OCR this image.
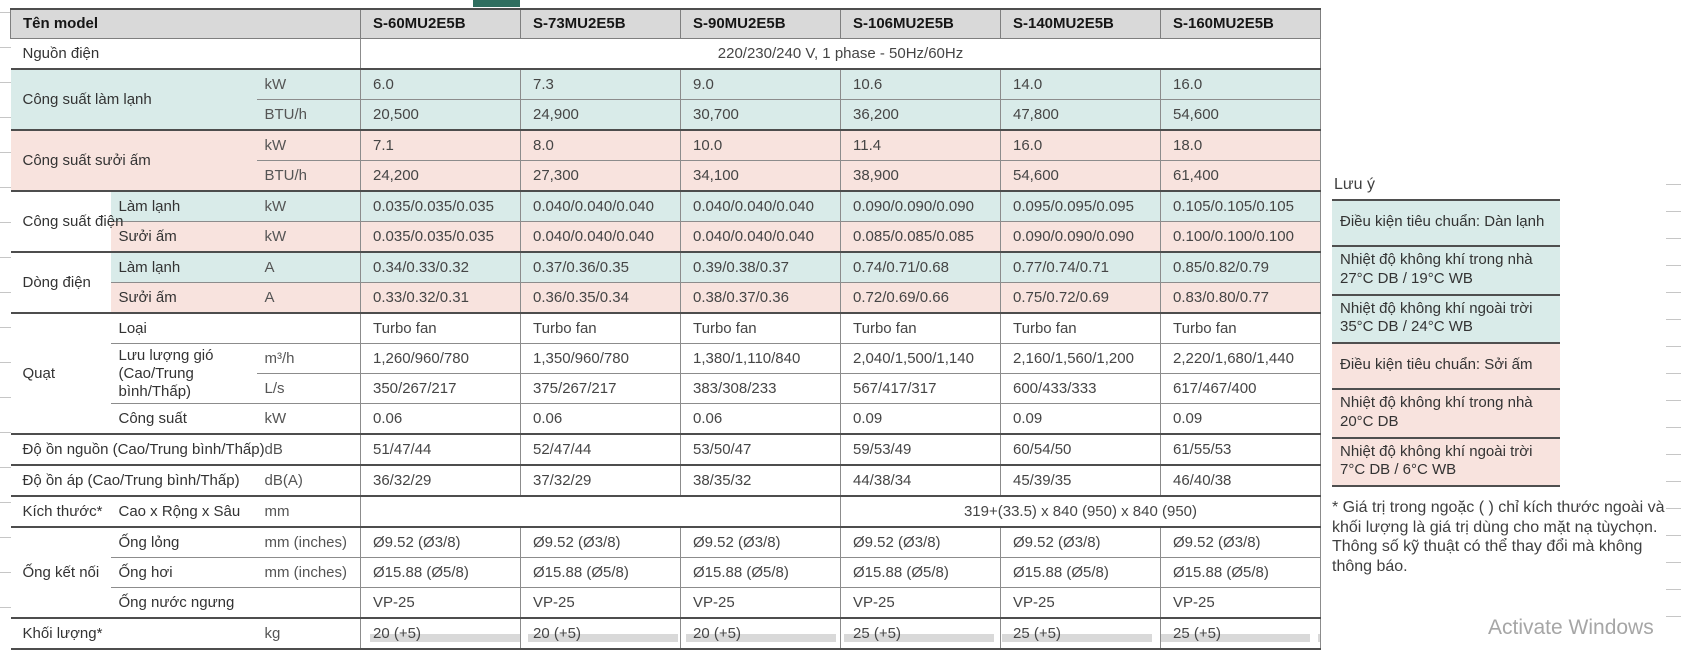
Tên model			S-60MU2E5B	S-73MU2E5B	S-90MU2E5B	S-106MU2E5B	S-140MU2E5B	S-160MU2E5B
Nguồn điện			220/230/240 V, 1 phase - 50Hz/60Hz					
Công suất làm lạnh		kW	6.0	7.3	9.0	10.6	14.0	16.0
		BTU/h	20,500	24,900	30,700	36,200	47,800	54,600
Công suất sưởi ấm		kW	7.1	8.0	10.0	11.4	16.0	18.0
		BTU/h	24,200	27,300	34,100	38,900	54,600	61,400
Công suất điện	Làm lạnh	kW	0.035/0.035/0.035	0.040/0.040/0.040	0.040/0.040/0.040	0.090/0.090/0.090	0.095/0.095/0.095	0.105/0.105/0.105
	Sưởi ấm	kW	0.035/0.035/0.035	0.040/0.040/0.040	0.040/0.040/0.040	0.085/0.085/0.085	0.090/0.090/0.090	0.100/0.100/0.100
Dòng điện	Làm lạnh	A	0.34/0.33/0.32	0.37/0.36/0.35	0.39/0.38/0.37	0.74/0.71/0.68	0.77/0.74/0.71	0.85/0.82/0.79
	Sưởi ấm	A	0.33/0.32/0.31	0.36/0.35/0.34	0.38/0.37/0.36	0.72/0.69/0.66	0.75/0.72/0.69	0.83/0.80/0.77
Quạt	Loại		Turbo fan	Turbo fan	Turbo fan	Turbo fan	Turbo fan	Turbo fan
	Lưu lượng gió (Cao/Trung bình/Thấp)	m³/h	1,260/960/780	1,350/960/780	1,380/1,110/840	2,040/1,500/1,140	2,160/1,560/1,200	2,220/1,680/1,440
		L/s	350/267/217	375/267/217	383/308/233	567/417/317	600/433/333	617/467/400
	Công suất	kW	0.06	0.06	0.06	0.09	0.09	0.09
Độ ồn nguồn (Cao/Trung bình/Thấp)		dB	51/47/44	52/47/44	53/50/47	59/53/49	60/54/50	61/55/53
Độ ồn áp (Cao/Trung bình/Thấp)		dB(A)	36/32/29	37/32/29	38/35/32	44/38/34	45/39/35	46/40/38
Kích thước*	Cao x Rộng x Sâu	mm				319+(33.5) x 840 (950) x 840 (950)		
Ống kết nối	Ống lỏng	mm (inches)	Ø9.52 (Ø3/8)	Ø9.52 (Ø3/8)	Ø9.52 (Ø3/8)	Ø9.52 (Ø3/8)	Ø9.52 (Ø3/8)	Ø9.52 (Ø3/8)
	Ống hơi	mm (inches)	Ø15.88 (Ø5/8)	Ø15.88 (Ø5/8)	Ø15.88 (Ø5/8)	Ø15.88 (Ø5/8)	Ø15.88 (Ø5/8)	Ø15.88 (Ø5/8)
	Ống nước ngưng		VP-25	VP-25	VP-25	VP-25	VP-25	VP-25
Khối lượng*		kg	20 (+5)	20 (+5)	20 (+5)	25 (+5)	25 (+5)	25 (+5)
Lưu ý
Điều kiện tiêu chuẩn: Dàn lạnh
Nhiệt độ không khí trong nhà 27°C DB / 19°C WB
Nhiệt độ không khí ngoài trời 35°C DB / 24°C WB
Điều kiện tiêu chuẩn: Sởi ấm
Nhiệt độ không khí trong nhà 20°C DB
Nhiệt độ không khí ngoài trời 7°C DB / 6°C WB
* Giá trị trong ngoặc ( ) chỉ kích thước ngoài và khối lượng là giá trị dùng cho mặt nạ tùychọn. Thông số kỹ thuật có thể thay đổi mà không thông báo.
Activate Windows
